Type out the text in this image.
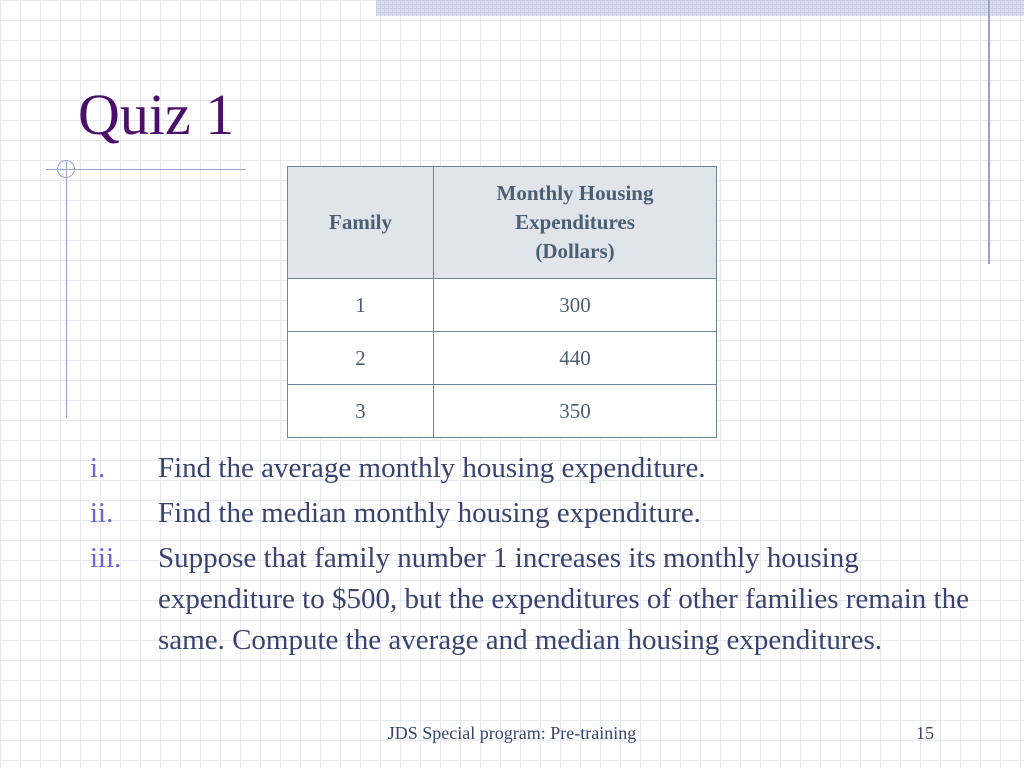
Quiz 1
Family	Monthly Housing
Expenditures
(Dollars)

1	300
2	440
3	350
i.	Find the average monthly housing expenditure.
ii.	Find the median monthly housing expenditure.
iii.	Suppose that family number 1 increases its monthly housing expenditure to $500, but the expenditures of other families remain the same. Compute the average and median housing expenditures.
JDS Special program: Pre-training	15
